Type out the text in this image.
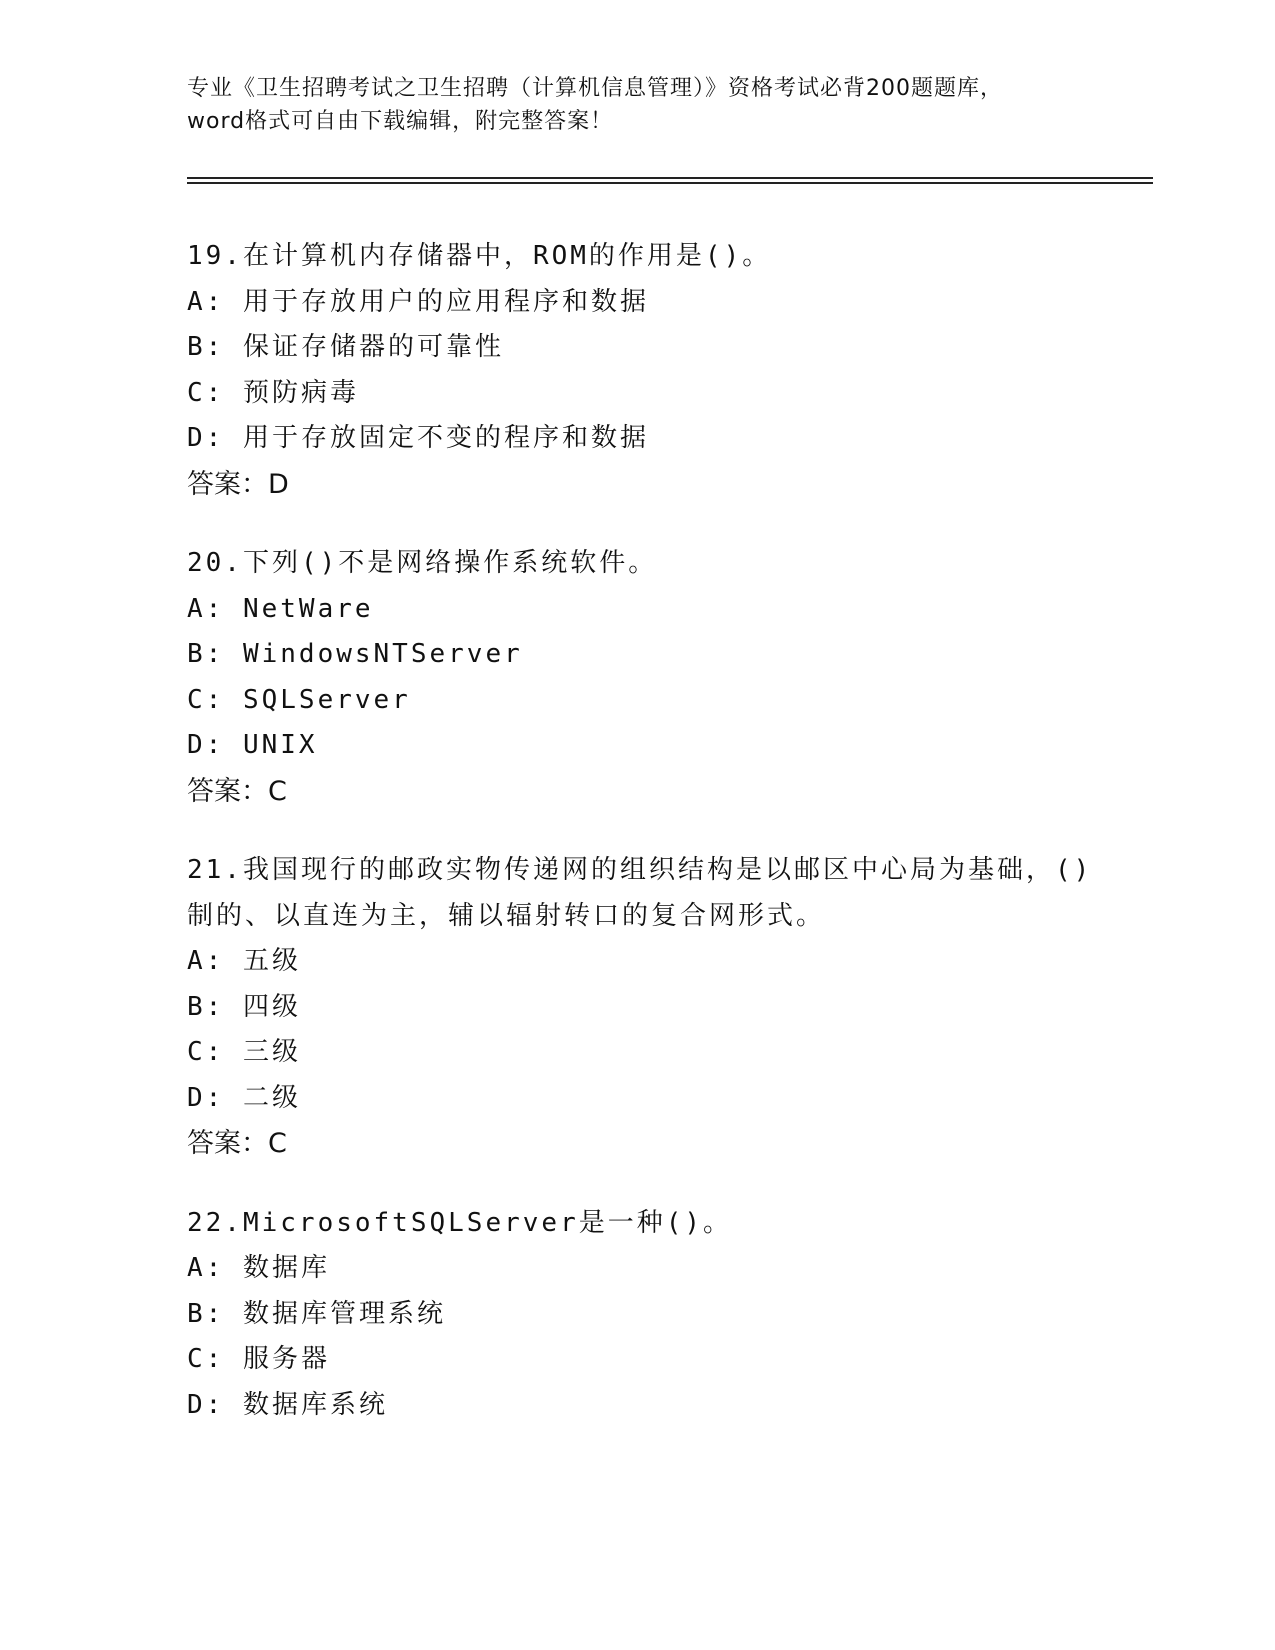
专业《卫生招聘考试之卫生招聘（计算机信息管理）》资格考试必背200题题库，
word格式可自由下载编辑，附完整答案！
19.在计算机内存储器中，ROM的作用是()。
A: 用于存放用户的应用程序和数据
B: 保证存储器的可靠性
C: 预防病毒
D: 用于存放固定不变的程序和数据
答案：D
20.下列()不是网络操作系统软件。
A: NetWare
B: WindowsNTServer
C: SQLServer
D: UNIX
答案：C
21.我国现行的邮政实物传递网的组织结构是以邮区中心局为基础，()
制的、以直连为主，辅以辐射转口的复合网形式。
A: 五级
B: 四级
C: 三级
D: 二级
答案：C
22.MicrosoftSQLServer是一种()。
A: 数据库
B: 数据库管理系统
C: 服务器
D: 数据库系统
